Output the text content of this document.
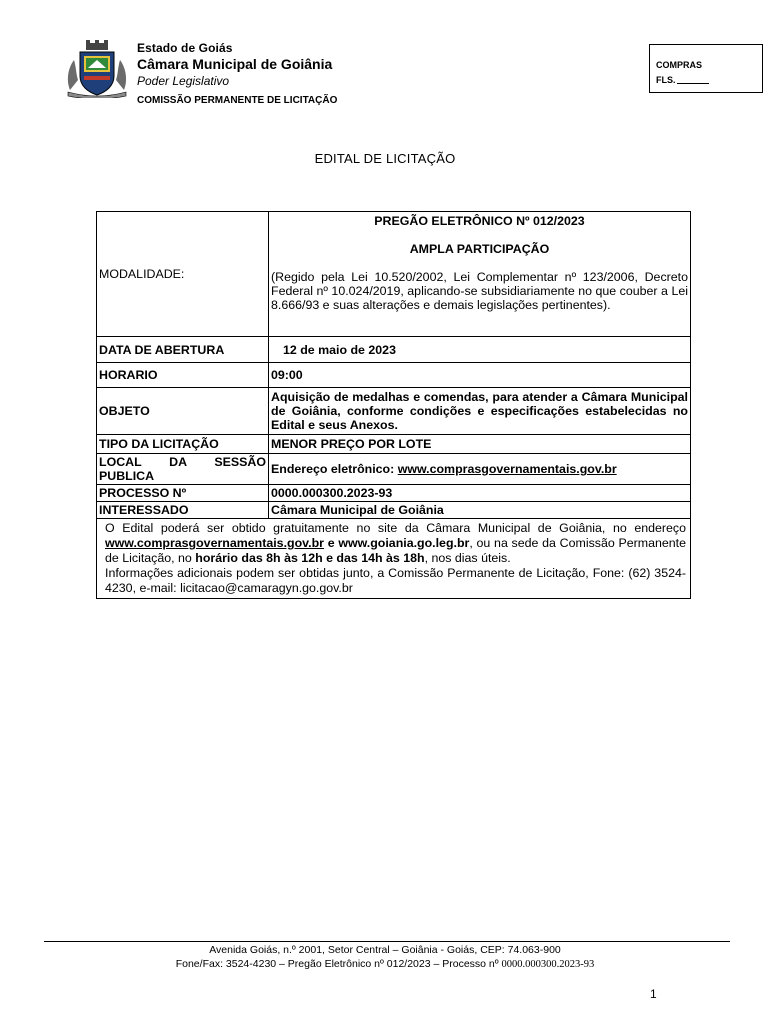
Estado de Goiás
Câmara Municipal de Goiânia
Poder Legislativo
COMISSÃO PERMANENTE DE LICITAÇÃO
COMPRAS
FLS.
EDITAL DE LICITAÇÃO
MODALIDADE:	PREGÃO ELETRÔNICO Nº 012/2023
AMPLA PARTICIPAÇÃO
(Regido pela Lei 10.520/2002, Lei Complementar nº 123/2006, Decreto Federal nº 10.024/2019, aplicando-se subsidiariamente no que couber a Lei 8.666/93 e suas alterações e demais legislações pertinentes).

DATA DE ABERTURA	12 de maio de 2023
HORARIO	09:00
OBJETO	Aquisição de medalhas e comendas, para atender a Câmara Municipal de Goiânia, conforme condições e especificações estabelecidas no Edital e seus Anexos.
TIPO DA LICITAÇÃO	MENOR PREÇO POR LOTE
LOCAL DA SESSÃO PUBLICA	Endereço eletrônico: www.comprasgovernamentais.gov.br
PROCESSO Nº	0000.000300.2023-93
INTERESSADO	Câmara Municipal de Goiânia

O Edital poderá ser obtido gratuitamente no site da Câmara Municipal de Goiânia, no endereço www.comprasgovernamentais.gov.br e www.goiania.go.leg.br, ou na sede da Comissão Permanente de Licitação, no horário das 8h às 12h e das 14h às 18h, nos dias úteis.
Informações adicionais podem ser obtidas junto, a Comissão Permanente de Licitação, Fone: (62) 3524-4230, e-mail: licitacao@camaragyn.go.gov.br	
Avenida Goiás, n.º 2001, Setor Central – Goiânia - Goiás, CEP: 74.063-900
Fone/Fax: 3524-4230 – Pregão Eletrônico nº 012/2023 – Processo nº 0000.000300.2023-93
1
